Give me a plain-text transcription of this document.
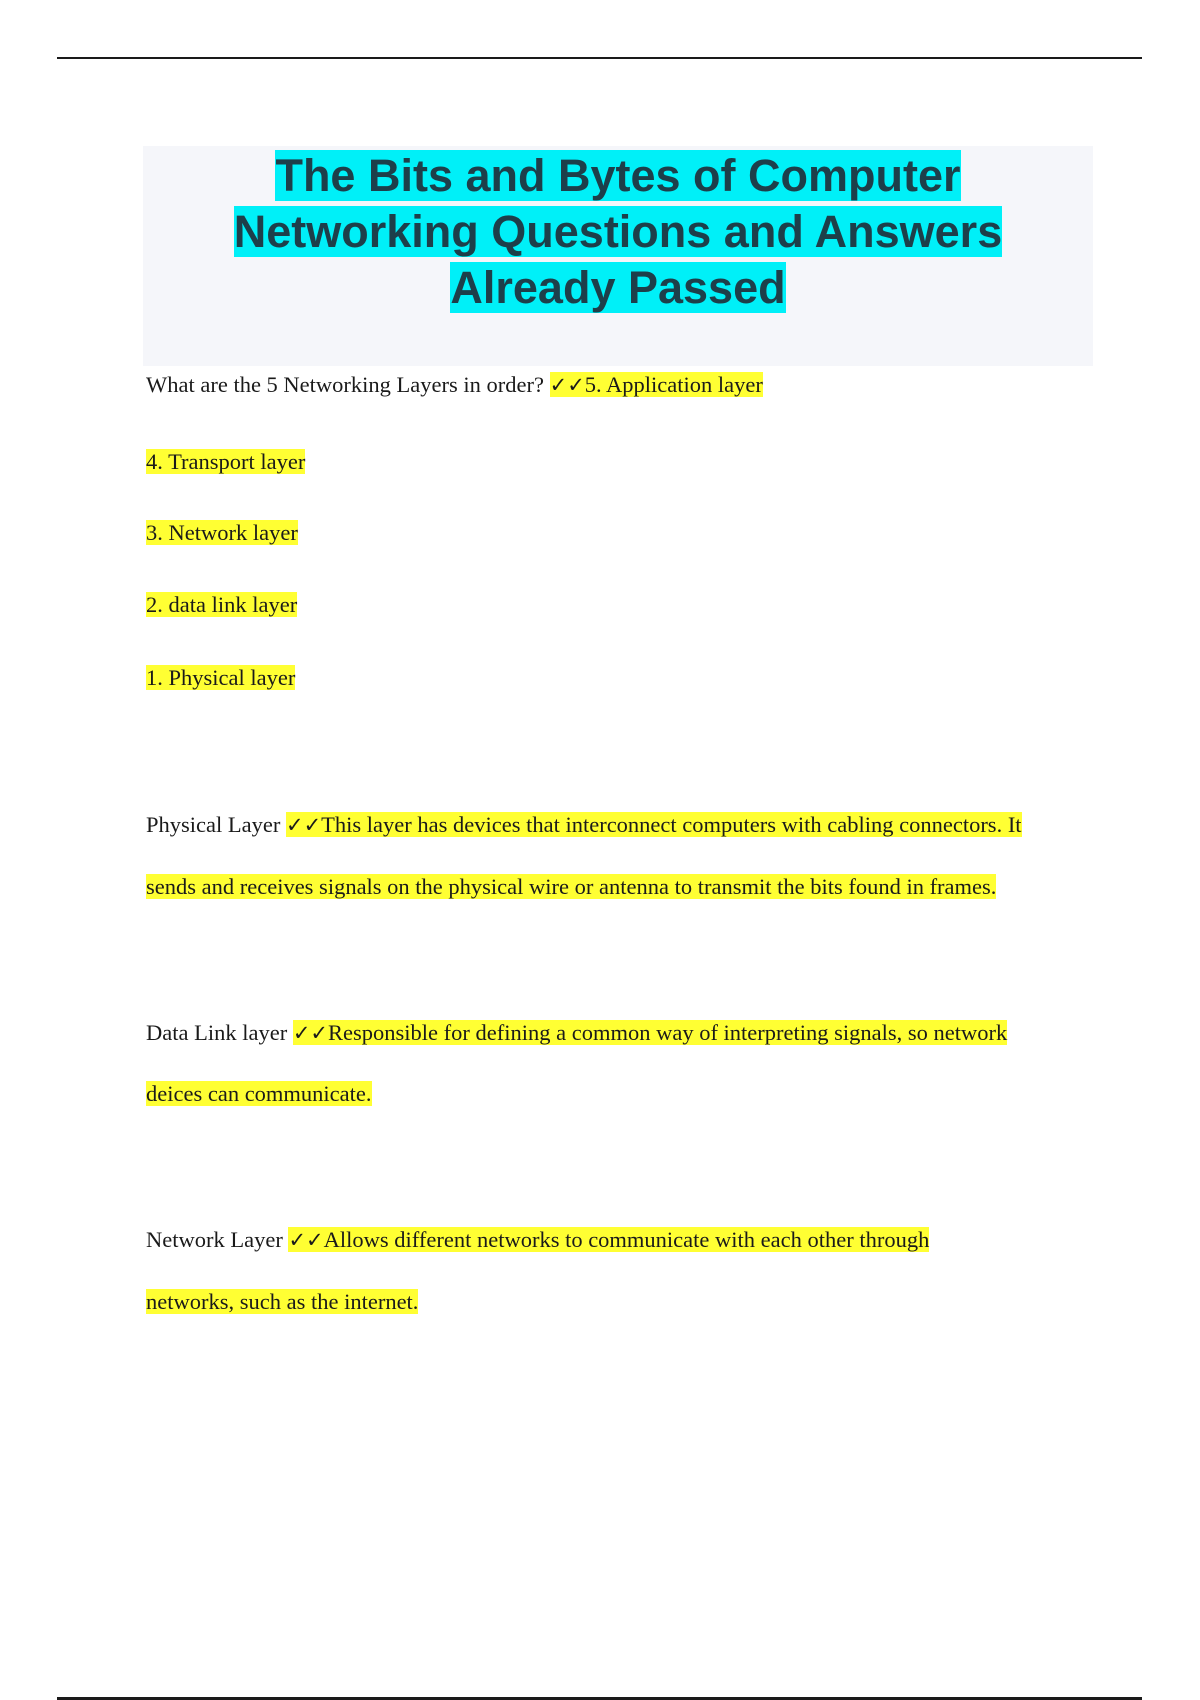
The Bits and Bytes of Computer
Networking Questions and Answers
Already Passed
What are the 5 Networking Layers in order? ✓✓5. Application layer
4. Transport layer
3. Network layer
2. data link layer
1. Physical layer
Physical Layer ✓✓This layer has devices that interconnect computers with cabling connectors. It
sends and receives signals on the physical wire or antenna to transmit the bits found in frames.
Data Link layer ✓✓Responsible for defining a common way of interpreting signals, so network
deices can communicate.
Network Layer ✓✓Allows different networks to communicate with each other through
networks, such as the internet.
